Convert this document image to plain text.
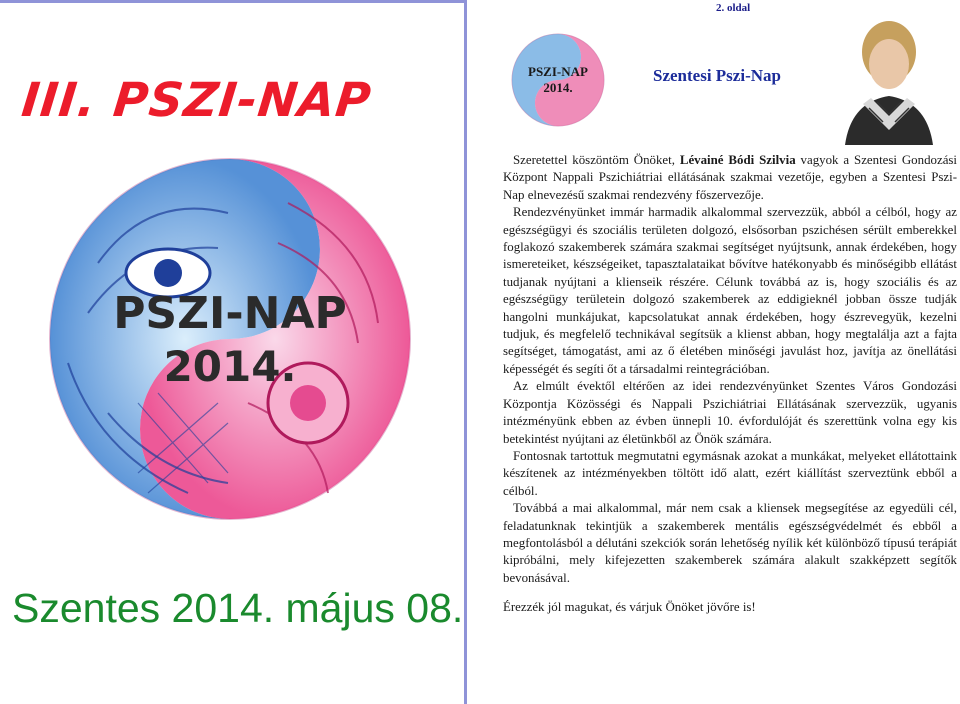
III. PSZI-NAP
PSZI-NAP
2014.
Szentes 2014. május 08.
2. oldal
PSZI-NAP
2014.
Szentesi Pszi-Nap

Szeretettel köszöntöm Önöket, Lévainé Bódi Szilvia vagyok a Szentesi Gondozási Központ Nappali Pszichiátriai ellátásának szakmai vezetője, egyben a Szentesi Pszi-Nap elnevezésű szakmai rendezvény főszervezője.

Rendezvényünket immár harmadik alkalommal szervezzük, abból a célból, hogy az egészségügyi és szociális területen dolgozó, elsősorban pszichésen sérült emberekkel foglakozó szakemberek számára szakmai segítséget nyújtsunk, annak érdekében, hogy ismereteiket, készségeiket, tapasztalataikat bővítve hatékonyabb és minőségibb ellátást tudjanak nyújtani a klienseik részére. Célunk továbbá az is, hogy szociális és az egészségügy területein dolgozó szakemberek az eddigieknél jobban össze tudják hangolni munkájukat, kapcsolatukat annak érdekében, hogy észrevegyük, kezelni tudjuk, és megfelelő technikával segítsük a klienst abban, hogy megtalálja azt a fajta segítséget, támogatást, ami az ő életében minőségi javulást hoz, javítja az önellátási képességét és segíti őt a társadalmi reintegrációban.

Az elmúlt évektől eltérően az idei rendezvényünket Szentes Város Gondozási Központja Közösségi és Nappali Pszichiátriai Ellátásának szervezzük, ugyanis intézményünk ebben az évben ünnepli 10. évfordulóját és szerettünk volna egy kis betekintést nyújtani az életünkből az Önök számára.

Fontosnak tartottuk megmutatni egymásnak azokat a munkákat, melyeket ellátottaink készítenek az intézményekben töltött idő alatt, ezért kiállítást szerveztünk ebből a célból.

Továbbá a mai alkalommal, már nem csak a kliensek megsegítése az egyedüli cél, feladatunknak tekintjük a szakemberek mentális egészségvédelmét és ebből a megfontolásból a délutáni szekciók során lehetőség nyílik két különböző típusú terápiát kipróbálni, mely kifejezetten szakemberek számára alakult szakképzett segítők bevonásával.

Érezzék jól magukat, és várjuk Önöket jövőre is!
